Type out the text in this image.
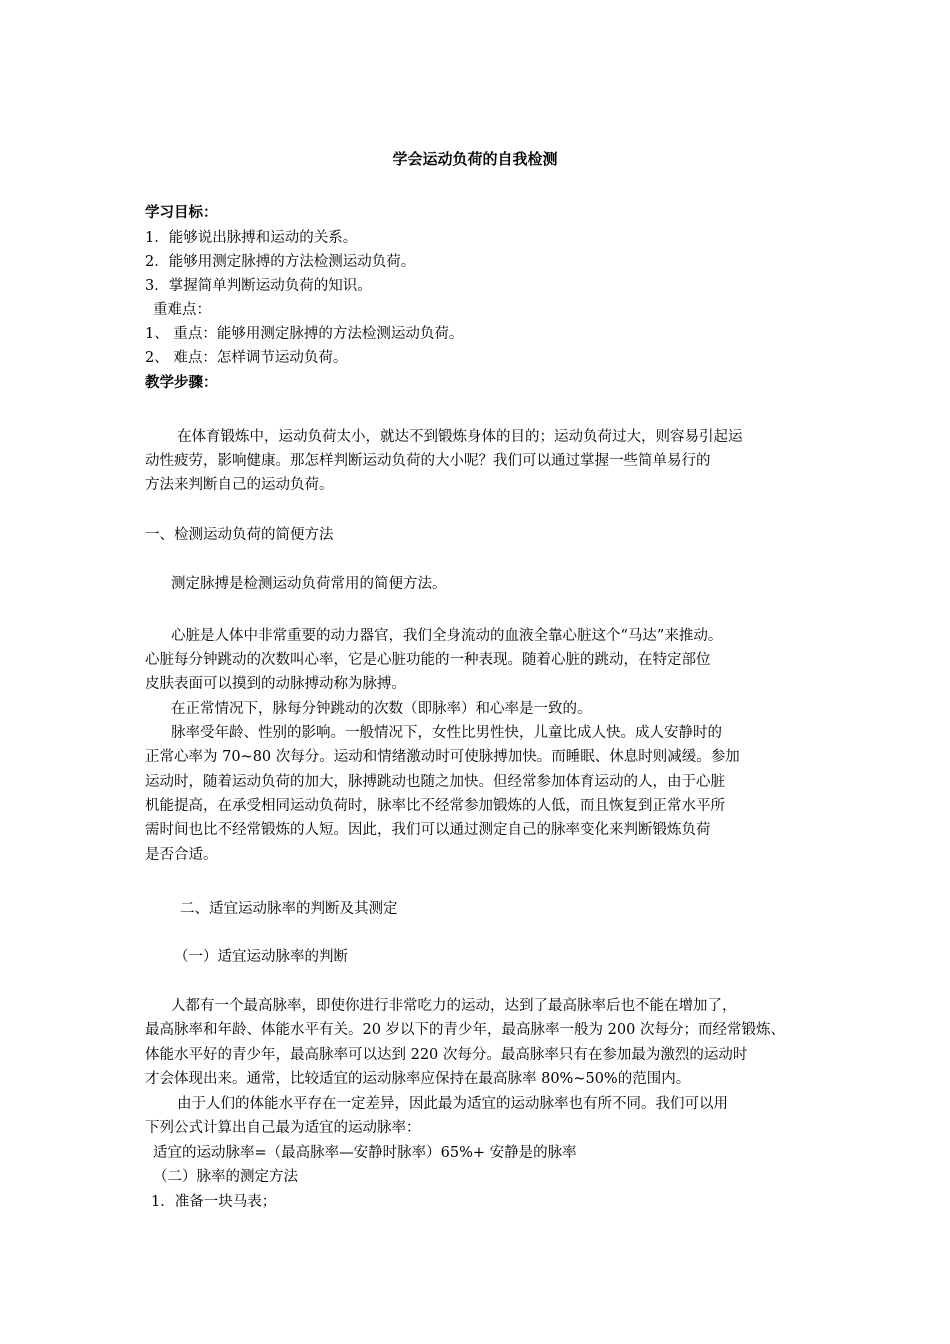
学会运动负荷的自我检测
学习目标：
1．能够说出脉搏和运动的关系。
2．能够用测定脉搏的方法检测运动负荷。
3．掌握简单判断运动负荷的知识。
重难点：
1、 重点：能够用测定脉搏的方法检测运动负荷。
2、 难点：怎样调节运动负荷。
教学步骤：
在体育锻炼中，运动负荷太小，就达不到锻炼身体的目的；运动负荷过大，则容易引起运
动性疲劳，影响健康。那怎样判断运动负荷的大小呢？我们可以通过掌握一些简单易行的
方法来判断自己的运动负荷。
一、检测运动负荷的简便方法
测定脉搏是检测运动负荷常用的简便方法。
心脏是人体中非常重要的动力器官，我们全身流动的血液全靠心脏这个“马达”来推动。
心脏每分钟跳动的次数叫心率，它是心脏功能的一种表现。随着心脏的跳动，在特定部位
皮肤表面可以摸到的动脉搏动称为脉搏。
在正常情况下，脉每分钟跳动的次数（即脉率）和心率是一致的。
脉率受年龄、性别的影响。一般情况下，女性比男性快，儿童比成人快。成人安静时的
正常心率为 70~80 次每分。运动和情绪激动时可使脉搏加快。而睡眠、休息时则减缓。参加
运动时，随着运动负荷的加大，脉搏跳动也随之加快。但经常参加体育运动的人，由于心脏
机能提高，在承受相同运动负荷时，脉率比不经常参加锻炼的人低，而且恢复到正常水平所
需时间也比不经常锻炼的人短。因此，我们可以通过测定自己的脉率变化来判断锻炼负荷
是否合适。
二、适宜运动脉率的判断及其测定
（一）适宜运动脉率的判断
人都有一个最高脉率，即使你进行非常吃力的运动，达到了最高脉率后也不能在增加了，
最高脉率和年龄、体能水平有关。20 岁以下的青少年，最高脉率一般为 200 次每分；而经常锻炼、
体能水平好的青少年，最高脉率可以达到 220 次每分。最高脉率只有在参加最为激烈的运动时
才会体现出来。通常，比较适宜的运动脉率应保持在最高脉率 80%~50%的范围内。
由于人们的体能水平存在一定差异，因此最为适宜的运动脉率也有所不同。我们可以用
下列公式计算出自己最为适宜的运动脉率：
适宜的运动脉率=（最高脉率—安静时脉率）65%+ 安静是的脉率
（二）脉率的测定方法
1．准备一块马表；
